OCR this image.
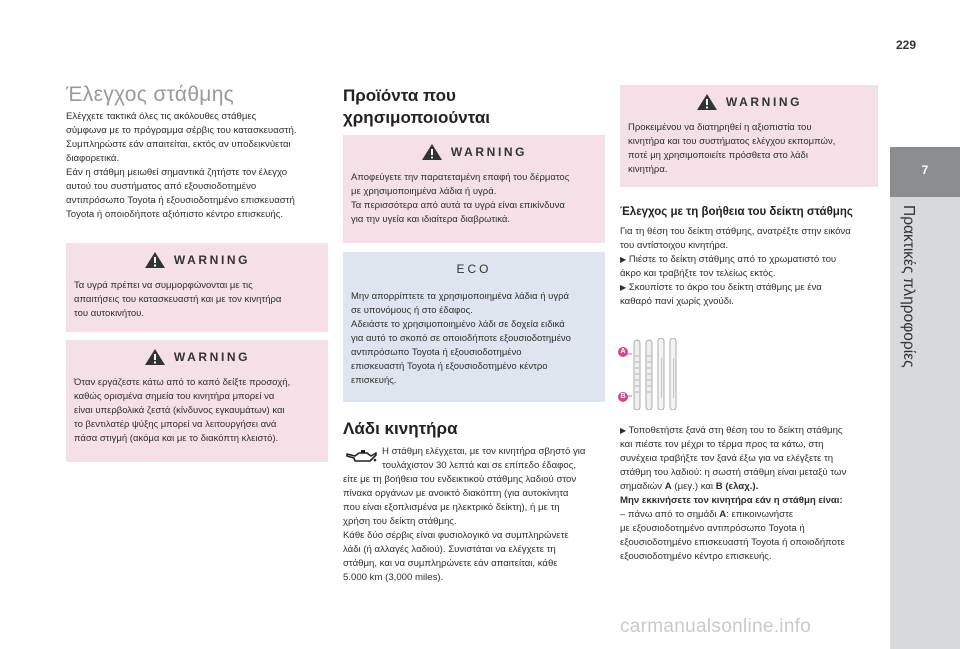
229
7
Πρακτικές πληροφορίες
Έλεγχος στάθμης

Ελέγχετε τακτικά όλες τις ακόλουθες στάθμες

σύμφωνα με το πρόγραμμα σέρβις του κατασκευαστή.

Συμπληρώστε εάν απαιτείται, εκτός αν υποδεικνύεται

διαφορετικά.

Εάν η στάθμη μειωθεί σημαντικά ζητήστε τον έλεγχο

αυτού του συστήματος από εξουσιοδοτημένο

αντιπρόσωπο Toyota ή εξουσιοδοτημένο επισκευαστή

Toyota ή οποιοδήποτε αξιόπιστο κέντρο επισκευής.

WARNING

Τα υγρά πρέπει να συμμορφώνονται με τις

απαιτήσεις του κατασκευαστή και με τον κινητήρα

του αυτοκινήτου.

WARNING

Όταν εργάζεστε κάτω από το καπό δείξτε προσοχή,

καθώς ορισμένα σημεία του κινητήρα μπορεί να

είναι υπερβολικά ζεστά (κίνδυνος εγκαυμάτων) και

το βεντιλατέρ ψύξης μπορεί να λειτουργήσει ανά

πάσα στιγμή (ακόμα και με το διακόπτη κλειστό).

Προϊόντα που
χρησιμοποιούνται
WARNING

Αποφεύγετε την παρατεταμένη επαφή του δέρματος

με χρησιμοποιημένα λάδια ή υγρά.

Τα περισσότερα από αυτά τα υγρά είναι επικίνδυνα

για την υγεία και ιδιαίτερα διαβρωτικά.

ECO

Μην απορρίπτετε τα χρησιμοποιημένα λάδια ή υγρά

σε υπονόμους ή στο έδαφος.

Αδειάστε το χρησιμοποιημένο λάδι σε δοχεία ειδικά

για αυτό το σκοπό σε οποιοδήποτε εξουσιοδοτημένο

αντιπρόσωπο Toyota ή εξουσιοδοτημένο

επισκευαστή Toyota ή εξουσιοδοτημένο κέντρο

επισκευής.

Λάδι κινητήρα

Η στάθμη ελέγχεται, με τον κινητήρα σβηστό για

τουλάχιστον 30 λεπτά και σε επίπεδο έδαφος,

είτε με τη βοήθεια του ενδεικτικού στάθμης λαδιού στον

πίνακα οργάνων με ανοικτό διακόπτη (για αυτοκίνητα

που είναι εξοπλισμένα με ηλεκτρικό δείκτη), ή με τη

χρήση του δείκτη στάθμης.

Κάθε δύο σέρβις είναι φυσιολογικό να συμπληρώνετε

λάδι (ή αλλαγές λαδιού). Συνιστάται να ελέγχετε τη

στάθμη, και να συμπληρώνετε εάν απαιτείται, κάθε

5.000 km (3,000 miles).

WARNING

Προκειμένου να διατηρηθεί η αξιοπιστία του

κινητήρα και του συστήματος ελέγχου εκπομπών,

ποτέ μη χρησιμοποιείτε πρόσθετα στο λάδι

κινητήρα.

Έλεγχος με τη βοήθεια του δείκτη στάθμης

Για τη θέση του δείκτη στάθμης, ανατρέξτε στην εικόνα

του αντίστοιχου κινητήρα.

▶ Πιέστε το δείκτη στάθμης από το χρωματιστό του

άκρο και τραβήξτε τον τελείως εκτός.

▶ Σκουπίστε το άκρο του δείκτη στάθμης με ένα

καθαρό πανί χωρίς χνούδι.

A
B

▶ Τοποθετήστε ξανά στη θέση του το δείκτη στάθμης

και πιέστε τον μέχρι το τέρμα προς τα κάτω, στη

συνέχεια τραβήξτε τον ξανά έξω για να ελέγξετε τη

στάθμη του λαδιού: η σωστή στάθμη είναι μεταξύ των

σημαδιών A (μεγ.) και B (ελαχ.).

Μην εκκινήσετε τον κινητήρα εάν η στάθμη είναι:

– πάνω από το σημάδι A: επικοινωνήστε

με εξουσιοδοτημένο αντιπρόσωπο Toyota ή

εξουσιοδοτημένο επισκευαστή Toyota ή οποιοδήποτε

εξουσιοδοτημένο κέντρο επισκευής.

carmanualsonline.info
